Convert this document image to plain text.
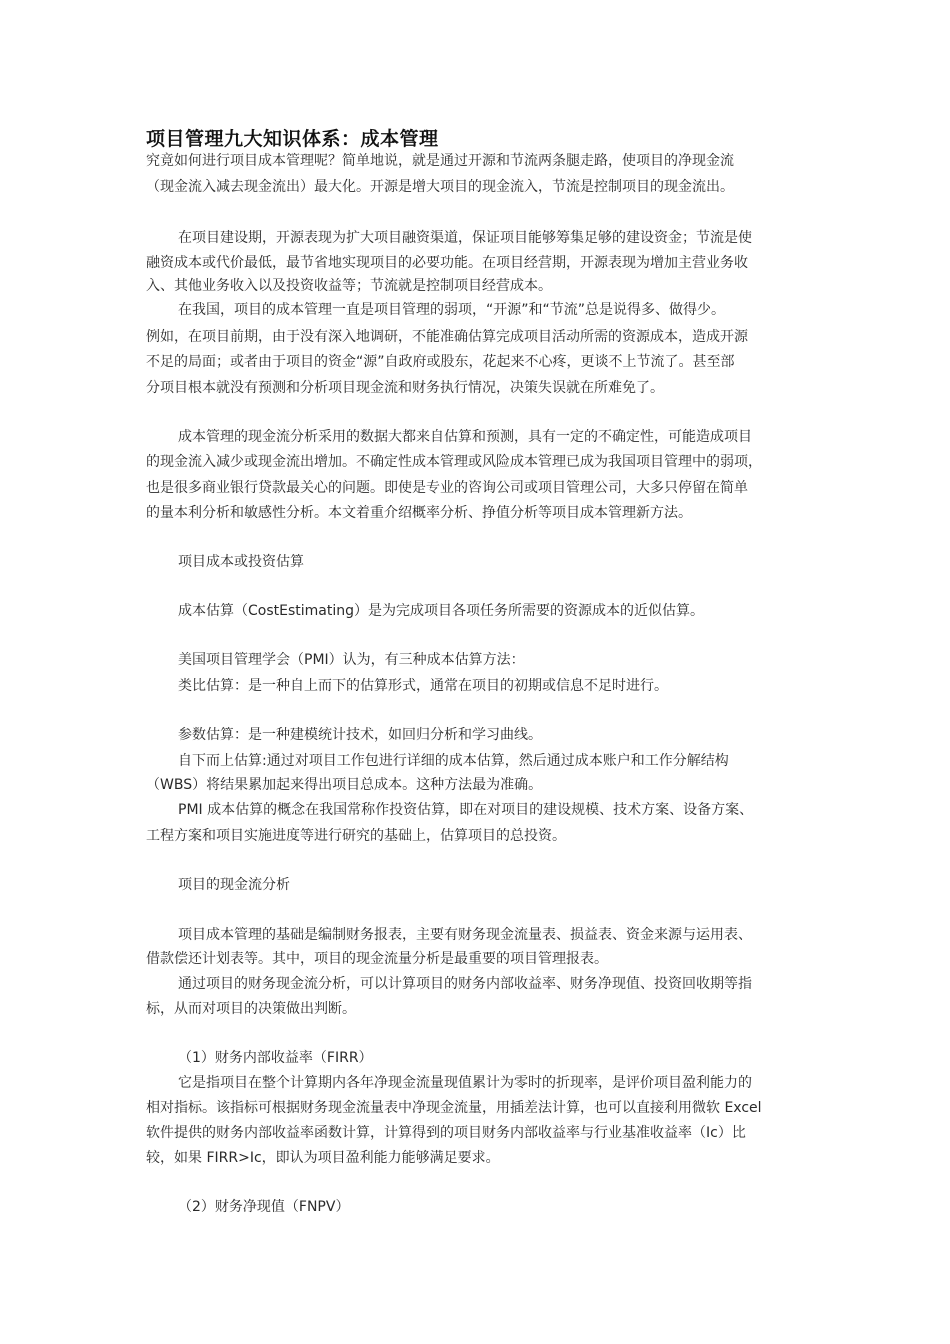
项目管理九大知识体系：成本管理
究竟如何进行项目成本管理呢？简单地说，就是通过开源和节流两条腿走路，使项目的净现金流
（现金流入减去现金流出）最大化。开源是增大项目的现金流入，节流是控制项目的现金流出。
在项目建设期，开源表现为扩大项目融资渠道，保证项目能够筹集足够的建设资金；节流是使
融资成本或代价最低，最节省地实现项目的必要功能。在项目经营期，开源表现为增加主营业务收
入、其他业务收入以及投资收益等；节流就是控制项目经营成本。
在我国，项目的成本管理一直是项目管理的弱项，“开源”和“节流”总是说得多、做得少。
例如，在项目前期，由于没有深入地调研，不能准确估算完成项目活动所需的资源成本，造成开源
不足的局面；或者由于项目的资金“源”自政府或股东，花起来不心疼，更谈不上节流了。甚至部
分项目根本就没有预测和分析项目现金流和财务执行情况，决策失误就在所难免了。
成本管理的现金流分析采用的数据大都来自估算和预测，具有一定的不确定性，可能造成项目
的现金流入减少或现金流出增加。不确定性成本管理或风险成本管理已成为我国项目管理中的弱项，
也是很多商业银行贷款最关心的问题。即使是专业的咨询公司或项目管理公司，大多只停留在简单
的量本利分析和敏感性分析。本文着重介绍概率分析、挣值分析等项目成本管理新方法。
项目成本或投资估算
成本估算（CostEstimating）是为完成项目各项任务所需要的资源成本的近似估算。
美国项目管理学会（PMI）认为，有三种成本估算方法：
类比估算：是一种自上而下的估算形式，通常在项目的初期或信息不足时进行。
参数估算：是一种建模统计技术，如回归分析和学习曲线。
自下而上估算:通过对项目工作包进行详细的成本估算，然后通过成本账户和工作分解结构
（WBS）将结果累加起来得出项目总成本。这种方法最为准确。
PMI 成本估算的概念在我国常称作投资估算，即在对项目的建设规模、技术方案、设备方案、
工程方案和项目实施进度等进行研究的基础上，估算项目的总投资。
项目的现金流分析
项目成本管理的基础是编制财务报表，主要有财务现金流量表、损益表、资金来源与运用表、
借款偿还计划表等。其中，项目的现金流量分析是最重要的项目管理报表。
通过项目的财务现金流分析，可以计算项目的财务内部收益率、财务净现值、投资回收期等指
标，从而对项目的决策做出判断。
（1）财务内部收益率（FIRR）
它是指项目在整个计算期内各年净现金流量现值累计为零时的折现率，是评价项目盈利能力的
相对指标。该指标可根据财务现金流量表中净现金流量，用插差法计算，也可以直接利用微软 Excel
软件提供的财务内部收益率函数计算，计算得到的项目财务内部收益率与行业基准收益率（Ic）比
较，如果 FIRR>Ic，即认为项目盈利能力能够满足要求。
（2）财务净现值（FNPV）
